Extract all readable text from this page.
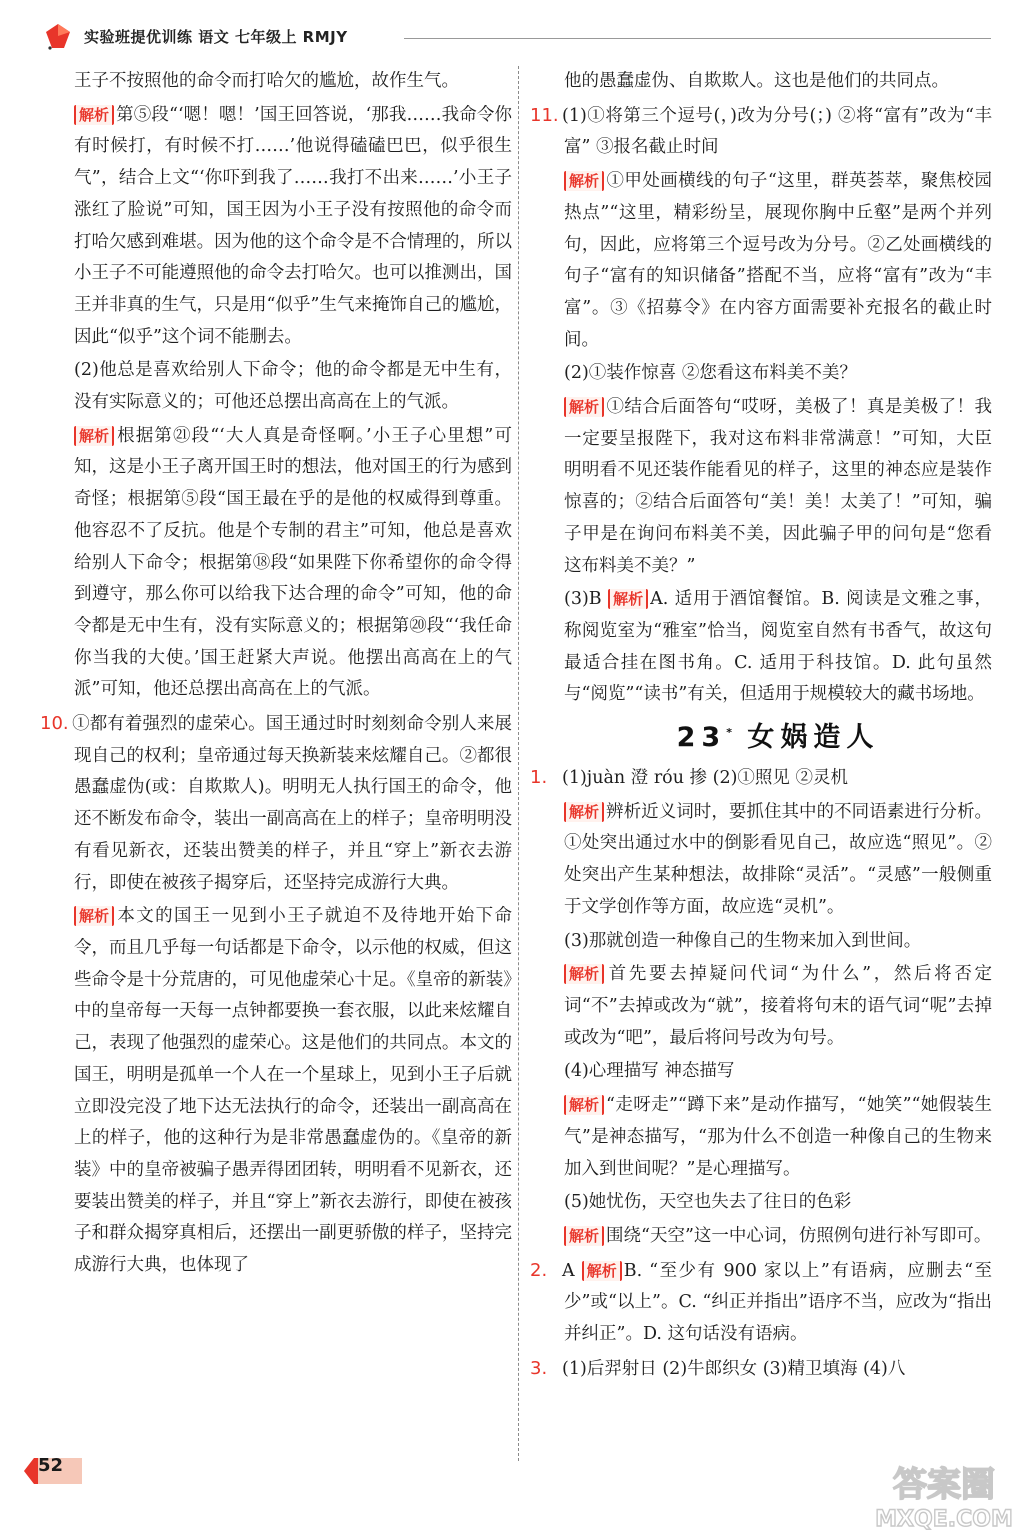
实验班提优训练 语文 七年级上 RMJY

王子不按照他的命令而打哈欠的尴尬，故作生气。

解析 第⑤段“‘嗯！嗯！’国王回答说，‘那我……我命令你有时候打，有时候不打……’他说得磕磕巴巴，似乎很生气”，结合上文“‘你吓到我了……我打不出来……’小王子涨红了脸说”可知，国王因为小王子没有按照他的命令而打哈欠感到难堪。因为他的这个命令是不合情理的，所以小王子不可能遵照他的命令去打哈欠。也可以推测出，国王并非真的生气，只是用“似乎”生气来掩饰自己的尴尬，因此“似乎”这个词不能删去。

(2)他总是喜欢给别人下命令；他的命令都是无中生有，没有实际意义的；可他还总摆出高高在上的气派。

解析 根据第㉑段“‘大人真是奇怪啊。’小王子心里想”可知，这是小王子离开国王时的想法，他对国王的行为感到奇怪；根据第⑤段“国王最在乎的是他的权威得到尊重。他容忍不了反抗。他是个专制的君主”可知，他总是喜欢给别人下命令；根据第⑱段“如果陛下你希望你的命令得到遵守，那么你可以给我下达合理的命令”可知，他的命令都是无中生有，没有实际意义的；根据第⑳段“‘我任命你当我的大使。’国王赶紧大声说。他摆出高高在上的气派”可知，他还总摆出高高在上的气派。

10. ①都有着强烈的虚荣心。国王通过时时刻刻命令别人来展现自己的权利；皇帝通过每天换新装来炫耀自己。②都很愚蠢虚伪(或：自欺欺人)。明明无人执行国王的命令，他还不断发布命令，装出一副高高在上的样子；皇帝明明没有看见新衣，还装出赞美的样子，并且“穿上”新衣去游行，即使在被孩子揭穿后，还坚持完成游行大典。

解析 本文的国王一见到小王子就迫不及待地开始下命令，而且几乎每一句话都是下命令，以示他的权威，但这些命令是十分荒唐的，可见他虚荣心十足。《皇帝的新装》中的皇帝每一天每一点钟都要换一套衣服，以此来炫耀自己，表现了他强烈的虚荣心。这是他们的共同点。本文的国王，明明是孤单一个人在一个星球上，见到小王子后就立即没完没了地下达无法执行的命令，还装出一副高高在上的样子，他的这种行为是非常愚蠢虚伪的。《皇帝的新装》中的皇帝被骗子愚弄得团团转，明明看不见新衣，还要装出赞美的样子，并且“穿上”新衣去游行，即使在被孩子和群众揭穿真相后，还摆出一副更骄傲的样子，坚持完成游行大典，也体现了

他的愚蠢虚伪、自欺欺人。这也是他们的共同点。

11. (1)①将第三个逗号(，)改为分号(；) ②将“富有”改为“丰富” ③报名截止时间

解析 ①甲处画横线的句子“这里，群英荟萃，聚焦校园热点”“这里，精彩纷呈，展现你胸中丘壑”是两个并列句，因此，应将第三个逗号改为分号。②乙处画横线的句子“富有的知识储备”搭配不当，应将“富有”改为“丰富”。③《招募令》在内容方面需要补充报名的截止时间。

(2)①装作惊喜 ②您看这布料美不美？

解析 ①结合后面答句“哎呀，美极了！真是美极了！我一定要呈报陛下，我对这布料非常满意！”可知，大臣明明看不见还装作能看见的样子，这里的神态应是装作惊喜的；②结合后面答句“美！美！太美了！”可知，骗子甲是在询问布料美不美，因此骗子甲的问句是“您看这布料美不美？”

(3)B 解析 A. 适用于酒馆餐馆。B. 阅读是文雅之事，称阅览室为“雅室”恰当，阅览室自然有书香气，故这句最适合挂在图书角。C. 适用于科技馆。D. 此句虽然与“阅览”“读书”有关，但适用于规模较大的藏书场地。

23* 女娲造人

1. (1)juàn 澄 róu 掺 (2)①照见 ②灵机

解析 辨析近义词时，要抓住其中的不同语素进行分析。①处突出通过水中的倒影看见自己，故应选“照见”。②处突出产生某种想法，故排除“灵活”。“灵感”一般侧重于文学创作等方面，故应选“灵机”。

(3)那就创造一种像自己的生物来加入到世间。

解析 首先要去掉疑问代词“为什么”，然后将否定词“不”去掉或改为“就”，接着将句末的语气词“呢”去掉或改为“吧”，最后将问号改为句号。

(4)心理描写 神态描写

解析 “走呀走”“蹲下来”是动作描写，“她笑”“她假装生气”是神态描写，“那为什么不创造一种像自己的生物来加入到世间呢？”是心理描写。

(5)她忧伤，天空也失去了往日的色彩

解析 围绕“天空”这一中心词，仿照例句进行补写即可。

2. A 解析 B. “至少有 900 家以上”有语病，应删去“至少”或“以上”。C. “纠正并指出”语序不当，应改为“指出并纠正”。D. 这句话没有语病。

3. (1)后羿射日 (2)牛郎织女 (3)精卫填海 (4)八

52	答案圈
MXQE.COM
